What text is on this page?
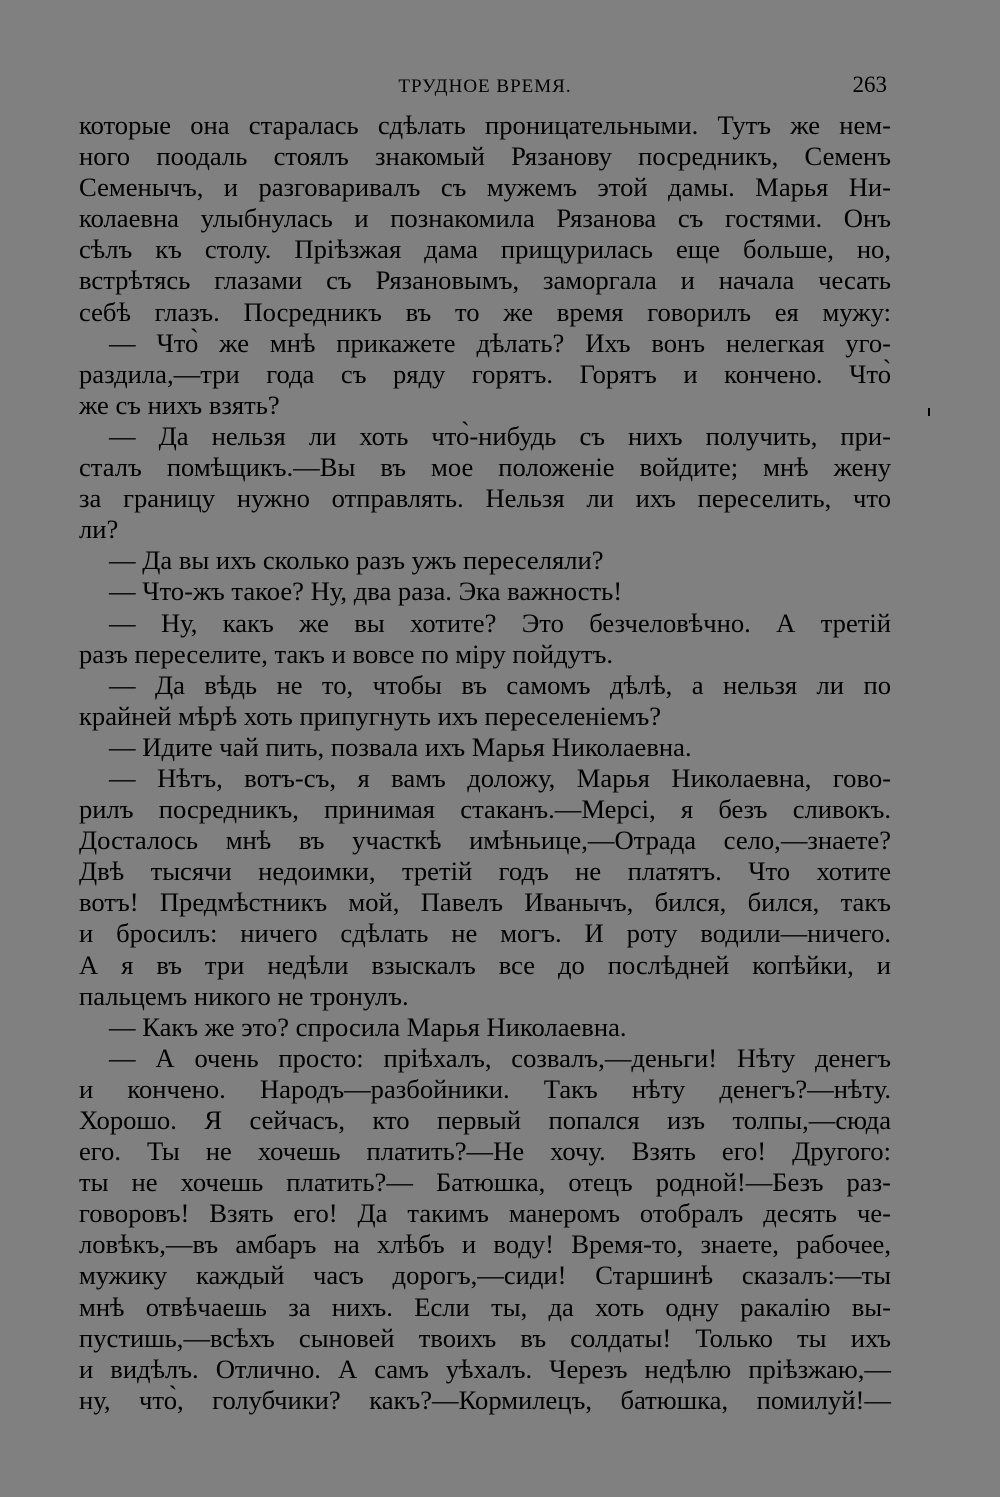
ТРУДНОЕ ВРЕМЯ.	263
которые она старалась сдѣлать проницательными. Тутъ же нем-
ного поодаль стоялъ знакомый Рязанову посредникъ, Семенъ
Семенычъ, и разговаривалъ съ мужемъ этой дамы. Марья Ни-
колаевна улыбнулась и познакомила Рязанова съ гостями. Онъ
сѣлъ къ столу. Пріѣзжая дама прищурилась еще больше, но,
встрѣтясь глазами съ Рязановымъ, заморгала и начала чесать
себѣ глазъ. Посредникъ въ то же время говорилъ ея мужу:
— Что̀ же мнѣ прикажете дѣлать? Ихъ вонъ нелегкая уго-
раздила,—три года съ ряду горятъ. Горятъ и кончено. Что̀
же съ нихъ взять?
— Да нельзя ли хоть что̀-нибудь съ нихъ получить, при-
сталъ помѣщикъ.—Вы въ мое положеніе войдите; мнѣ жену
за границу нужно отправлять. Нельзя ли ихъ переселить, что
ли?
— Да вы ихъ сколько разъ ужъ переселяли?
— Что-жъ такое? Ну, два раза. Эка важность!
— Ну, какъ же вы хотите? Это безчеловѣчно. А третій
разъ переселите, такъ и вовсе по міру пойдутъ.
— Да вѣдь не то, чтобы въ самомъ дѣлѣ, а нельзя ли по
крайней мѣрѣ хоть припугнуть ихъ переселеніемъ?
— Идите чай пить, позвала ихъ Марья Николаевна.
— Нѣтъ, вотъ-съ, я вамъ доложу, Марья Николаевна, гово-
рилъ посредникъ, принимая стаканъ.—Мерсі, я безъ сливокъ.
Досталось мнѣ въ участкѣ имѣньице,—Отрада село,—знаете?
Двѣ тысячи недоимки, третій годъ не платятъ. Что хотите
вотъ! Предмѣстникъ мой, Павелъ Иванычъ, бился, бился, такъ
и бросилъ: ничего сдѣлать не могъ. И роту водили—ничего.
А я въ три недѣли взыскалъ все до послѣдней копѣйки, и
пальцемъ никого не тронулъ.
— Какъ же это? спросила Марья Николаевна.
— А очень просто: пріѣхалъ, созвалъ,—деньги! Нѣту денегъ
и кончено. Народъ—разбойники. Такъ нѣту денегъ?—нѣту.
Хорошо. Я сейчасъ, кто первый попался изъ толпы,—сюда
его. Ты не хочешь платить?—Не хочу. Взять его! Другого:
ты не хочешь платить?— Батюшка, отецъ родной!—Безъ раз-
говоровъ! Взять его! Да такимъ манеромъ отобралъ десять че-
ловѣкъ,—въ амбаръ на хлѣбъ и воду! Время-то, знаете, рабочее,
мужику каждый часъ дорогъ,—сиди! Старшинѣ сказалъ:—ты
мнѣ отвѣчаешь за нихъ. Если ты, да хоть одну ракалію вы-
пустишь,—всѣхъ сыновей твоихъ въ солдаты! Только ты ихъ
и видѣлъ. Отлично. А самъ уѣхалъ. Черезъ недѣлю пріѣзжаю,—
ну, что̀, голубчики? какъ?—Кормилецъ, батюшка, помилуй!—
